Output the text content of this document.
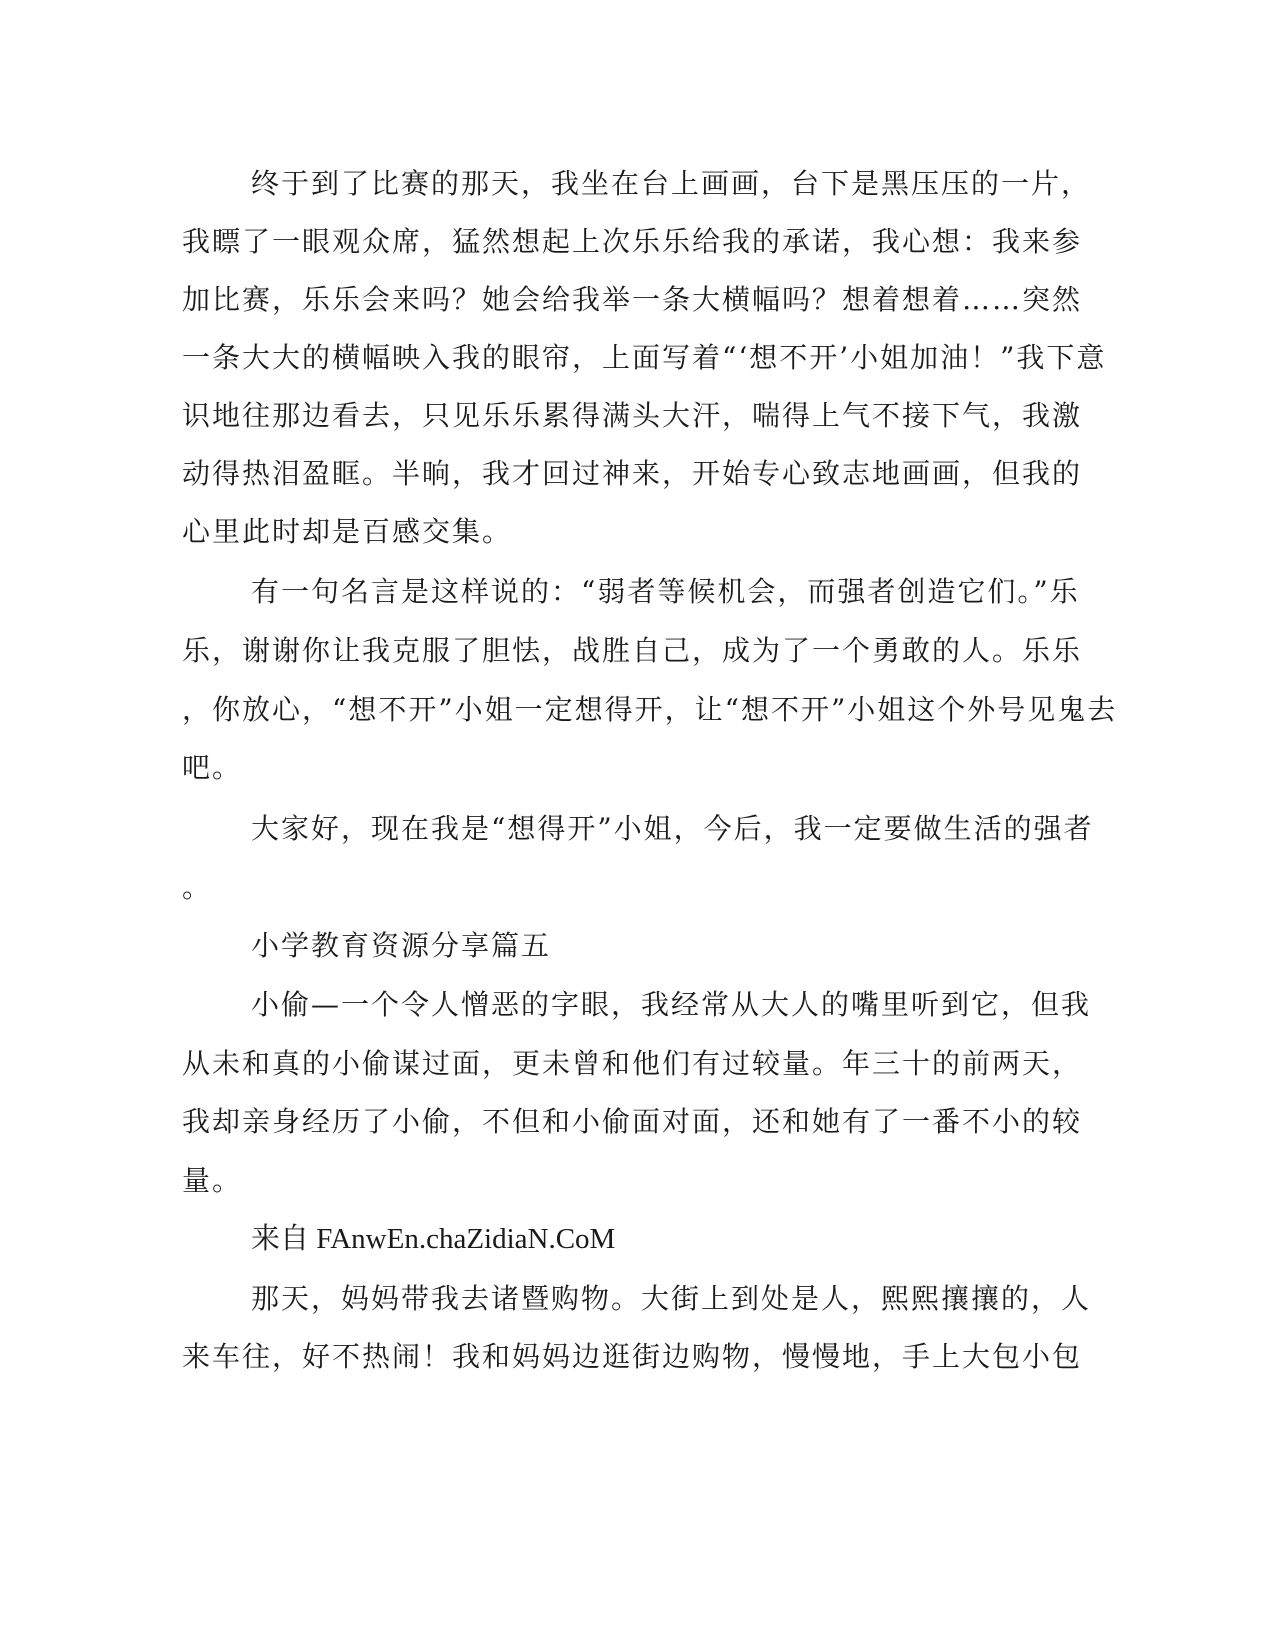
终于到了比赛的那天，我坐在台上画画，台下是黑压压的一片，
我瞟了一眼观众席，猛然想起上次乐乐给我的承诺，我心想：我来参
加比赛，乐乐会来吗？她会给我举一条大横幅吗？想着想着……突然
一条大大的横幅映入我的眼帘，上面写着“‘想不开’小姐加油！”我下意
识地往那边看去，只见乐乐累得满头大汗，喘得上气不接下气，我激
动得热泪盈眶。半晌，我才回过神来，开始专心致志地画画，但我的
心里此时却是百感交集。
有一句名言是这样说的：“弱者等候机会，而强者创造它们。”乐
乐，谢谢你让我克服了胆怯，战胜自己，成为了一个勇敢的人。乐乐
，你放心，“想不开”小姐一定想得开，让“想不开”小姐这个外号见鬼去
吧。
大家好，现在我是“想得开”小姐，今后，我一定要做生活的强者
。
小学教育资源分享篇五
小偷—一个令人憎恶的字眼，我经常从大人的嘴里听到它，但我
从未和真的小偷谋过面，更未曾和他们有过较量。年三十的前两天，
我却亲身经历了小偷，不但和小偷面对面，还和她有了一番不小的较
量。
来自 FAnwEn.chaZidiaN.CoM
那天，妈妈带我去诸暨购物。大街上到处是人，熙熙攘攘的，人
来车往，好不热闹！我和妈妈边逛街边购物，慢慢地，手上大包小包
